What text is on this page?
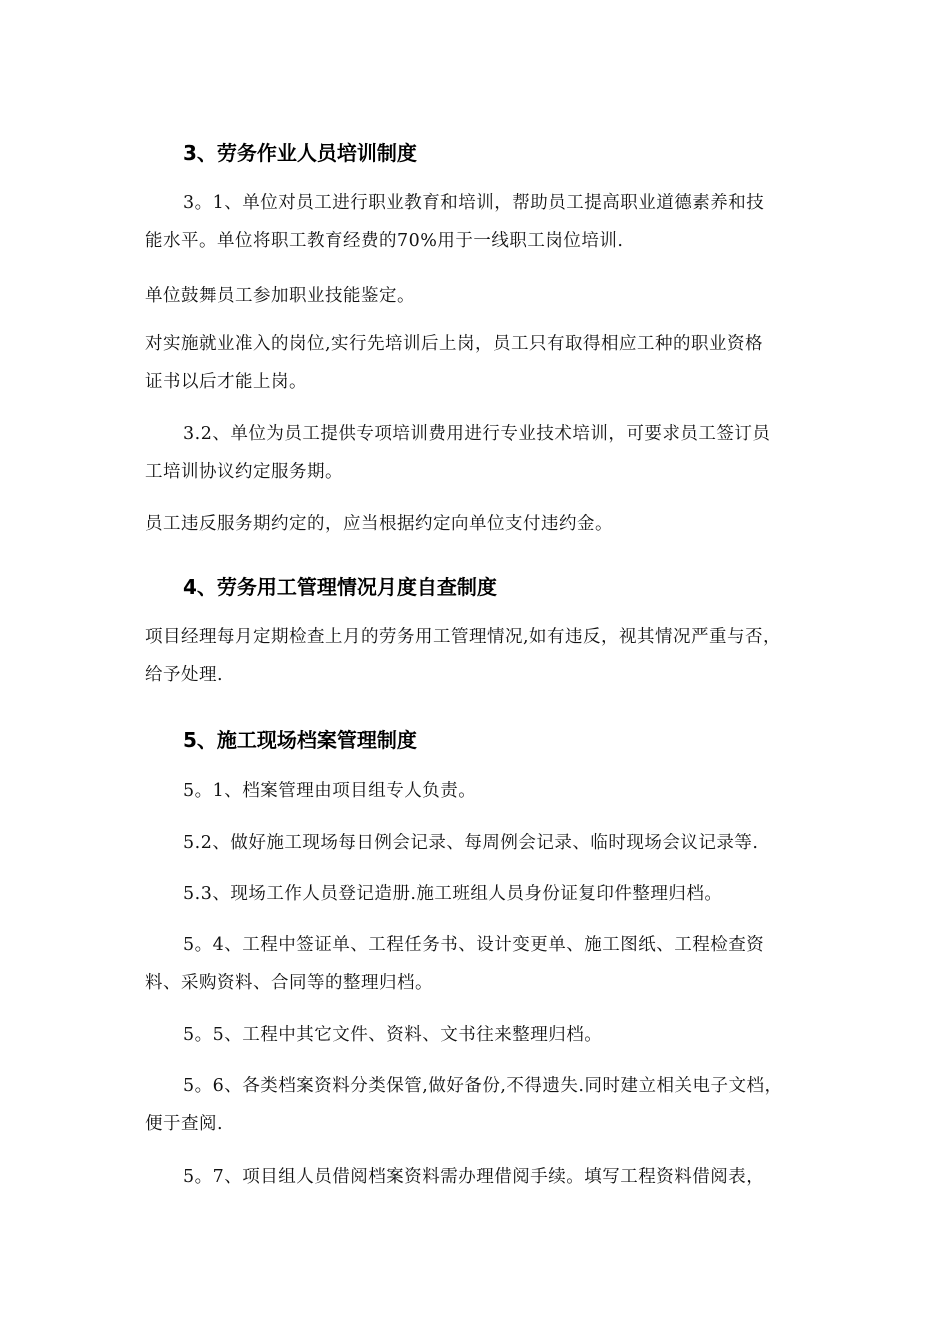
3、劳务作业人员培训制度
3。1、单位对员工进行职业教育和培训，帮助员工提高职业道德素养和技
能水平。单位将职工教育经费的70%用于一线职工岗位培训.
单位鼓舞员工参加职业技能鉴定。
对实施就业准入的岗位,实行先培训后上岗，员工只有取得相应工种的职业资格
证书以后才能上岗。
3.2、单位为员工提供专项培训费用进行专业技术培训，可要求员工签订员
工培训协议约定服务期。
员工违反服务期约定的，应当根据约定向单位支付违约金。
4、劳务用工管理情况月度自查制度
项目经理每月定期检查上月的劳务用工管理情况,如有违反，视其情况严重与否，
给予处理.
5、施工现场档案管理制度
5。1、档案管理由项目组专人负责。
5.2、做好施工现场每日例会记录、每周例会记录、临时现场会议记录等.
5.3、现场工作人员登记造册.施工班组人员身份证复印件整理归档。
5。4、工程中签证单、工程任务书、设计变更单、施工图纸、工程检查资
料、采购资料、合同等的整理归档。
5。5、工程中其它文件、资料、文书往来整理归档。
5。6、各类档案资料分类保管,做好备份,不得遗失.同时建立相关电子文档，
便于查阅.
5。7、项目组人员借阅档案资料需办理借阅手续。填写工程资料借阅表，
